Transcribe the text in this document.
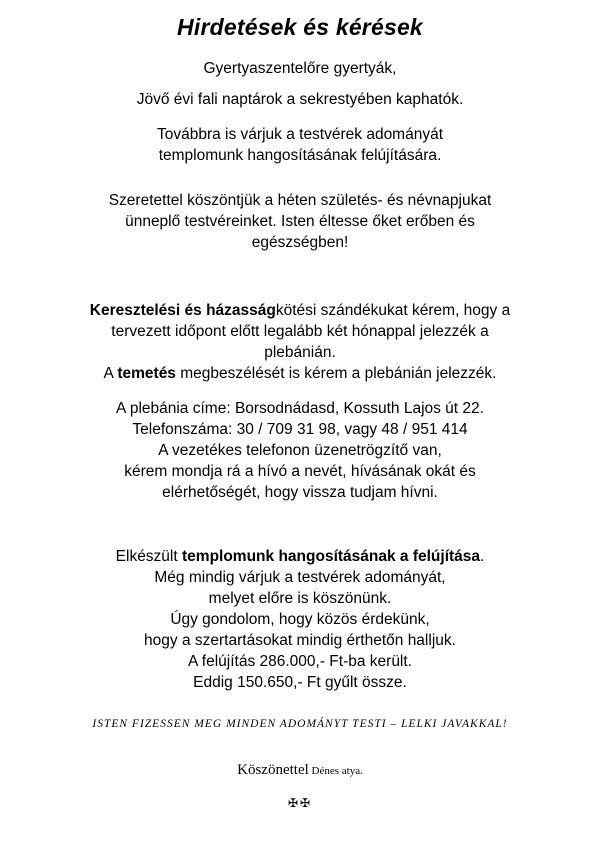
Hirdetések és kérések

Gyertyaszentelőre gyertyák,

Jövő évi fali naptárok a sekrestyében kaphatók.

Továbbra is várjuk a testvérek adományát

templomunk hangosításának felújítására.

Szeretettel köszöntjük a héten születés- és névnapjukat

ünneplő testvéreinket. Isten éltesse őket erőben és

egészségben!

Keresztelési és házasságkötési szándékukat kérem, hogy a

tervezett időpont előtt legalább két hónappal jelezzék a

plebánián.

A temetés megbeszélését is kérem a plebánián jelezzék.

A plebánia címe: Borsodnádasd, Kossuth Lajos út 22.

Telefonszáma: 30 / 709 31 98, vagy 48 / 951 414

A vezetékes telefonon üzenetrögzítő van,

kérem mondja rá a hívó a nevét, hívásának okát és

elérhetőségét, hogy vissza tudjam hívni.

Elkészült templomunk hangosításának a felújítása.

Még mindig várjuk a testvérek adományát,

melyet előre is köszönünk.

Úgy gondolom, hogy közös érdekünk,

hogy a szertartásokat mindig érthetőn halljuk.

A felújítás 286.000,- Ft-ba került.

Eddig 150.650,- Ft gyűlt össze.

ISTEN FIZESSEN MEG MINDEN ADOMÁNYT TESTI – LELKI JAVAKKAL!
Köszönettel Dénes atya.
✠✠
